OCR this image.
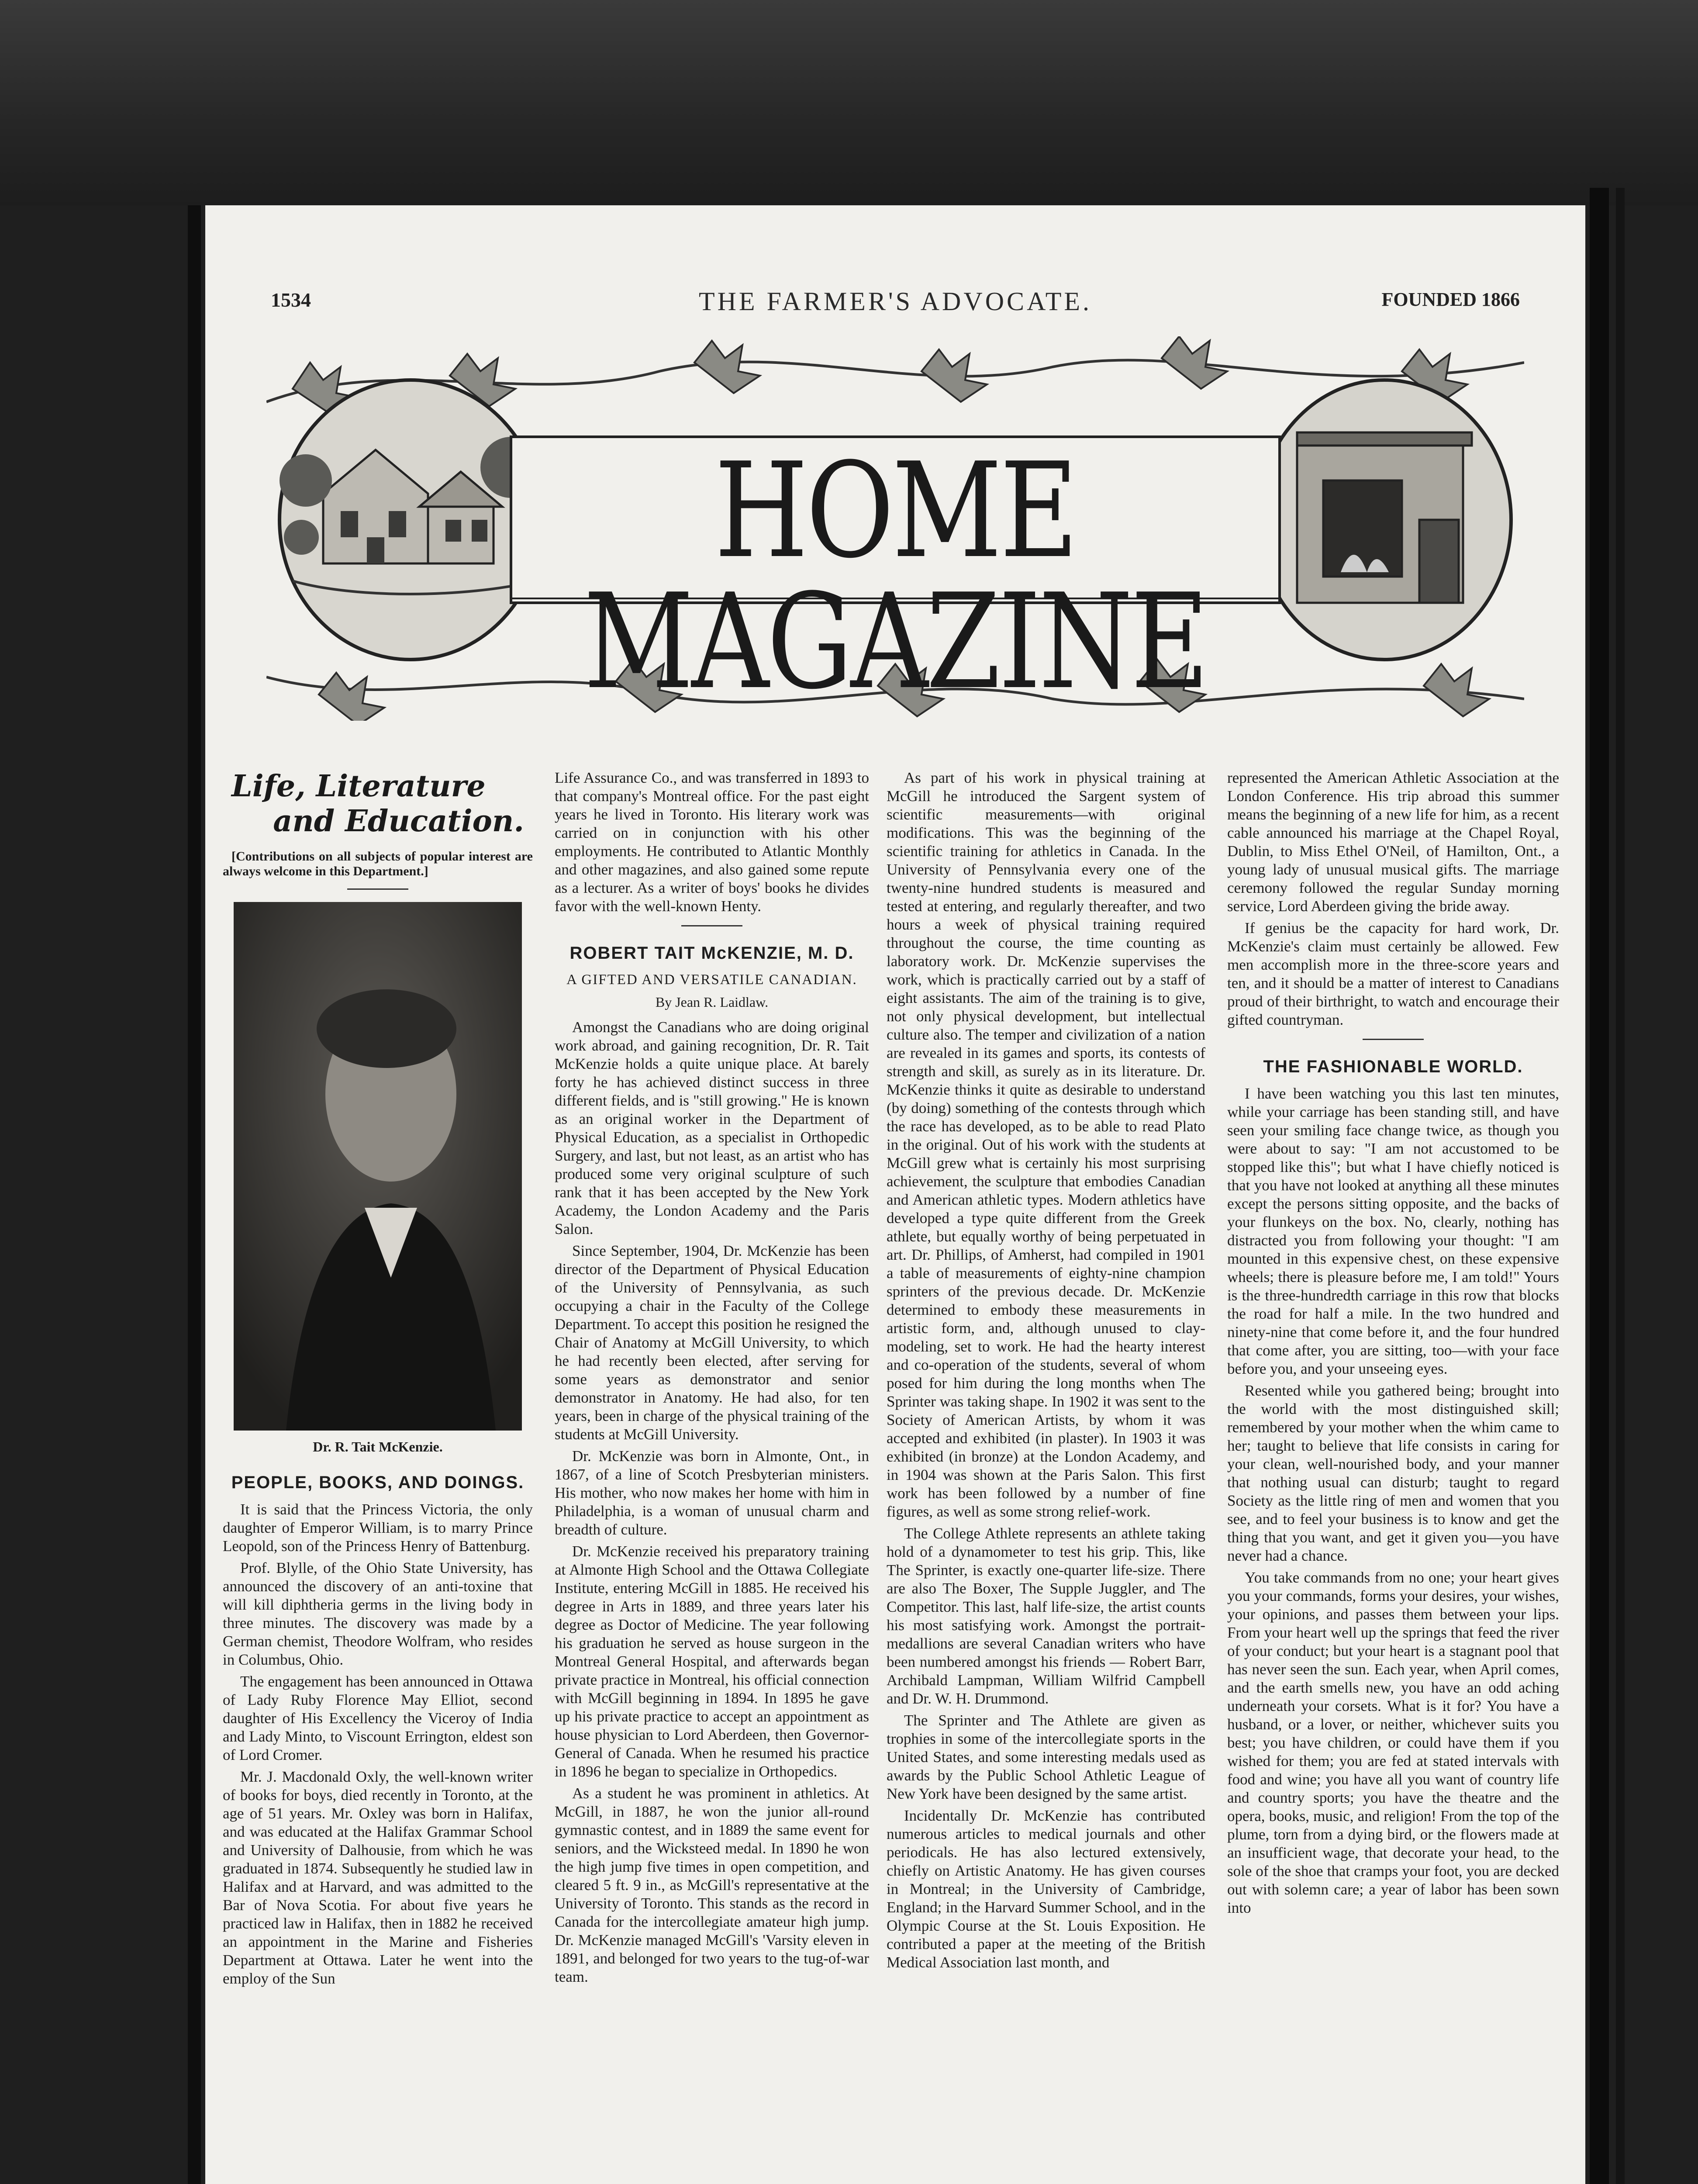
THE FARMER'S ADVOCATE.
1534	FOUNDED 1866
HOME MAGAZINE
Life, Literature
and Education.
[Contributions on all subjects of popular interest are always welcome in this Department.]
Dr. R. Tait McKenzie.
PEOPLE, BOOKS, AND DOINGS.

It is said that the Princess Victoria, the only daughter of Emperor William, is to marry Prince Leopold, son of the Princess Henry of Battenburg.

Prof. Blylle, of the Ohio State University, has announced the discovery of an anti-toxine that will kill diphtheria germs in the living body in three minutes. The discovery was made by a German chemist, Theodore Wolfram, who resides in Columbus, Ohio.

The engagement has been announced in Ottawa of Lady Ruby Florence May Elliot, second daughter of His Excellency the Viceroy of India and Lady Minto, to Viscount Errington, eldest son of Lord Cromer.

Mr. J. Macdonald Oxly, the well-known writer of books for boys, died recently in Toronto, at the age of 51 years. Mr. Oxley was born in Halifax, and was educated at the Halifax Grammar School and University of Dalhousie, from which he was graduated in 1874. Subsequently he studied law in Halifax and at Harvard, and was admitted to the Bar of Nova Scotia. For about five years he practiced law in Halifax, then in 1882 he received an appointment in the Marine and Fisheries Department at Ottawa. Later he went into the employ of the Sun

Life Assurance Co., and was transferred in 1893 to that company's Montreal office. For the past eight years he lived in Toronto. His literary work was carried on in conjunction with his other employments. He contributed to Atlantic Monthly and other magazines, and also gained some repute as a lecturer. As a writer of boys' books he divides favor with the well-known Henty.

ROBERT TAIT McKENZIE, M. D.
A GIFTED AND VERSATILE CANADIAN.
By Jean R. Laidlaw.

Amongst the Canadians who are doing original work abroad, and gaining recognition, Dr. R. Tait McKenzie holds a quite unique place. At barely forty he has achieved distinct success in three different fields, and is "still growing." He is known as an original worker in the Department of Physical Education, as a specialist in Orthopedic Surgery, and last, but not least, as an artist who has produced some very original sculpture of such rank that it has been accepted by the New York Academy, the London Academy and the Paris Salon.

Since September, 1904, Dr. McKenzie has been director of the Department of Physical Education of the University of Pennsylvania, as such occupying a chair in the Faculty of the College Department. To accept this position he resigned the Chair of Anatomy at McGill University, to which he had recently been elected, after serving for some years as demonstrator and senior demonstrator in Anatomy. He had also, for ten years, been in charge of the physical training of the students at McGill University.

Dr. McKenzie was born in Almonte, Ont., in 1867, of a line of Scotch Presbyterian ministers. His mother, who now makes her home with him in Philadelphia, is a woman of unusual charm and breadth of culture.

Dr. McKenzie received his preparatory training at Almonte High School and the Ottawa Collegiate Institute, entering McGill in 1885. He received his degree in Arts in 1889, and three years later his degree as Doctor of Medicine. The year following his graduation he served as house surgeon in the Montreal General Hospital, and afterwards began private practice in Montreal, his official connection with McGill beginning in 1894. In 1895 he gave up his private practice to accept an appointment as house physician to Lord Aberdeen, then Governor-General of Canada. When he resumed his practice in 1896 he began to specialize in Orthopedics.

As a student he was prominent in athletics. At McGill, in 1887, he won the junior all-round gymnastic contest, and in 1889 the same event for seniors, and the Wicksteed medal. In 1890 he won the high jump five times in open competition, and cleared 5 ft. 9 in., as McGill's representative at the University of Toronto. This stands as the record in Canada for the intercollegiate amateur high jump. Dr. McKenzie managed McGill's 'Varsity eleven in 1891, and belonged for two years to the tug-of-war team.

As part of his work in physical training at McGill he introduced the Sargent system of scientific measurements—with original modifications. This was the beginning of the scientific training for athletics in Canada. In the University of Pennsylvania every one of the twenty-nine hundred students is measured and tested at entering, and regularly thereafter, and two hours a week of physical training required throughout the course, the time counting as laboratory work. Dr. McKenzie supervises the work, which is practically carried out by a staff of eight assistants. The aim of the training is to give, not only physical development, but intellectual culture also. The temper and civilization of a nation are revealed in its games and sports, its contests of strength and skill, as surely as in its literature. Dr. McKenzie thinks it quite as desirable to understand (by doing) something of the contests through which the race has developed, as to be able to read Plato in the original. Out of his work with the students at McGill grew what is certainly his most surprising achievement, the sculpture that embodies Canadian and American athletic types. Modern athletics have developed a type quite different from the Greek athlete, but equally worthy of being perpetuated in art. Dr. Phillips, of Amherst, had compiled in 1901 a table of measurements of eighty-nine champion sprinters of the previous decade. Dr. McKenzie determined to embody these measurements in artistic form, and, although unused to clay-modeling, set to work. He had the hearty interest and co-operation of the students, several of whom posed for him during the long months when The Sprinter was taking shape. In 1902 it was sent to the Society of American Artists, by whom it was accepted and exhibited (in plaster). In 1903 it was exhibited (in bronze) at the London Academy, and in 1904 was shown at the Paris Salon. This first work has been followed by a number of fine figures, as well as some strong relief-work.

The College Athlete represents an athlete taking hold of a dynamometer to test his grip. This, like The Sprinter, is exactly one-quarter life-size. There are also The Boxer, The Supple Juggler, and The Competitor. This last, half life-size, the artist counts his most satisfying work. Amongst the portrait-medallions are several Canadian writers who have been numbered amongst his friends — Robert Barr, Archibald Lampman, William Wilfrid Campbell and Dr. W. H. Drummond.

The Sprinter and The Athlete are given as trophies in some of the intercollegiate sports in the United States, and some interesting medals used as awards by the Public School Athletic League of New York have been designed by the same artist.

Incidentally Dr. McKenzie has contributed numerous articles to medical journals and other periodicals. He has also lectured extensively, chiefly on Artistic Anatomy. He has given courses in Montreal; in the University of Cambridge, England; in the Harvard Summer School, and in the Olympic Course at the St. Louis Exposition. He contributed a paper at the meeting of the British Medical Association last month, and

represented the American Athletic Association at the London Conference. His trip abroad this summer means the beginning of a new life for him, as a recent cable announced his marriage at the Chapel Royal, Dublin, to Miss Ethel O'Neil, of Hamilton, Ont., a young lady of unusual musical gifts. The marriage ceremony followed the regular Sunday morning service, Lord Aberdeen giving the bride away.

If genius be the capacity for hard work, Dr. McKenzie's claim must certainly be allowed. Few men accomplish more in the three-score years and ten, and it should be a matter of interest to Canadians proud of their birthright, to watch and encourage their gifted countryman.

THE FASHIONABLE WORLD.

I have been watching you this last ten minutes, while your carriage has been standing still, and have seen your smiling face change twice, as though you were about to say: "I am not accustomed to be stopped like this"; but what I have chiefly noticed is that you have not looked at anything all these minutes except the persons sitting opposite, and the backs of your flunkeys on the box. No, clearly, nothing has distracted you from following your thought: "I am mounted in this expensive chest, on these expensive wheels; there is pleasure before me, I am told!" Yours is the three-hundredth carriage in this row that blocks the road for half a mile. In the two hundred and ninety-nine that come before it, and the four hundred that come after, you are sitting, too—with your face before you, and your unseeing eyes.

Resented while you gathered being; brought into the world with the most distinguished skill; remembered by your mother when the whim came to her; taught to believe that life consists in caring for your clean, well-nourished body, and your manner that nothing usual can disturb; taught to regard Society as the little ring of men and women that you see, and to feel your business is to know and get the thing that you want, and get it given you—you have never had a chance.

You take commands from no one; your heart gives you your commands, forms your desires, your wishes, your opinions, and passes them between your lips. From your heart well up the springs that feed the river of your conduct; but your heart is a stagnant pool that has never seen the sun. Each year, when April comes, and the earth smells new, you have an odd aching underneath your corsets. What is it for? You have a husband, or a lover, or neither, whichever suits you best; you have children, or could have them if you wished for them; you are fed at stated intervals with food and wine; you have all you want of country life and country sports; you have the theatre and the opera, books, music, and religion! From the top of the plume, torn from a dying bird, or the flowers made at an insufficient wage, that decorate your head, to the sole of the shoe that cramps your foot, you are decked out with solemn care; a year of labor has been sown into
